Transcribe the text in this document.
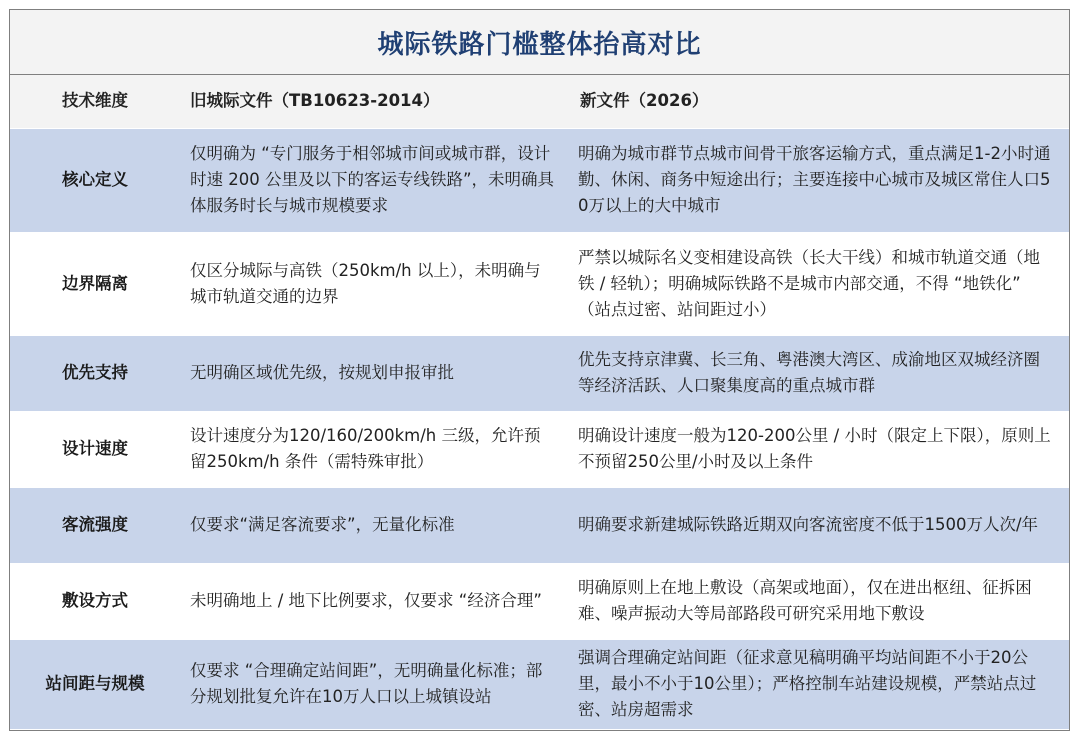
城际铁路门槛整体抬高对比
技术维度	旧城际文件（TB10623-2014）	新文件（2026）
核心定义	仅明确为 “专门服务于相邻城市间或城市群，设计时速 200 公里及以下的客运专线铁路”，未明确具体服务时长与城市规模要求	明确为城市群节点城市间骨干旅客运输方式，重点满足1-2小时通勤、休闲、商务中短途出行；主要连接中心城市及城区常住人口50万以上的大中城市
边界隔离	仅区分城际与高铁（250km/h 以上），未明确与城市轨道交通的边界	严禁以城际名义变相建设高铁（长大干线）和城市轨道交通（地铁 / 轻轨）；明确城际铁路不是城市内部交通，不得 “地铁化” （站点过密、站间距过小）
优先支持	无明确区域优先级，按规划申报审批	优先支持京津冀、长三角、粤港澳大湾区、成渝地区双城经济圈等经济活跃、人口聚集度高的重点城市群
设计速度	设计速度分为120/160/200km/h 三级，允许预留250km/h 条件（需特殊审批）	明确设计速度一般为120-200公里 / 小时（限定上下限），原则上不预留250公里/小时及以上条件
客流强度	仅要求“满足客流要求”，无量化标准	明确要求新建城际铁路近期双向客流密度不低于1500万人次/年
敷设方式	未明确地上 / 地下比例要求，仅要求 “经济合理”	明确原则上在地上敷设（高架或地面），仅在进出枢纽、征拆困难、噪声振动大等局部路段可研究采用地下敷设
站间距与规模	仅要求 “合理确定站间距”，无明确量化标准；部分规划批复允许在10万人口以上城镇设站	强调合理确定站间距（征求意见稿明确平均站间距不小于20公里，最小不小于10公里）；严格控制车站建设规模，严禁站点过密、站房超需求
